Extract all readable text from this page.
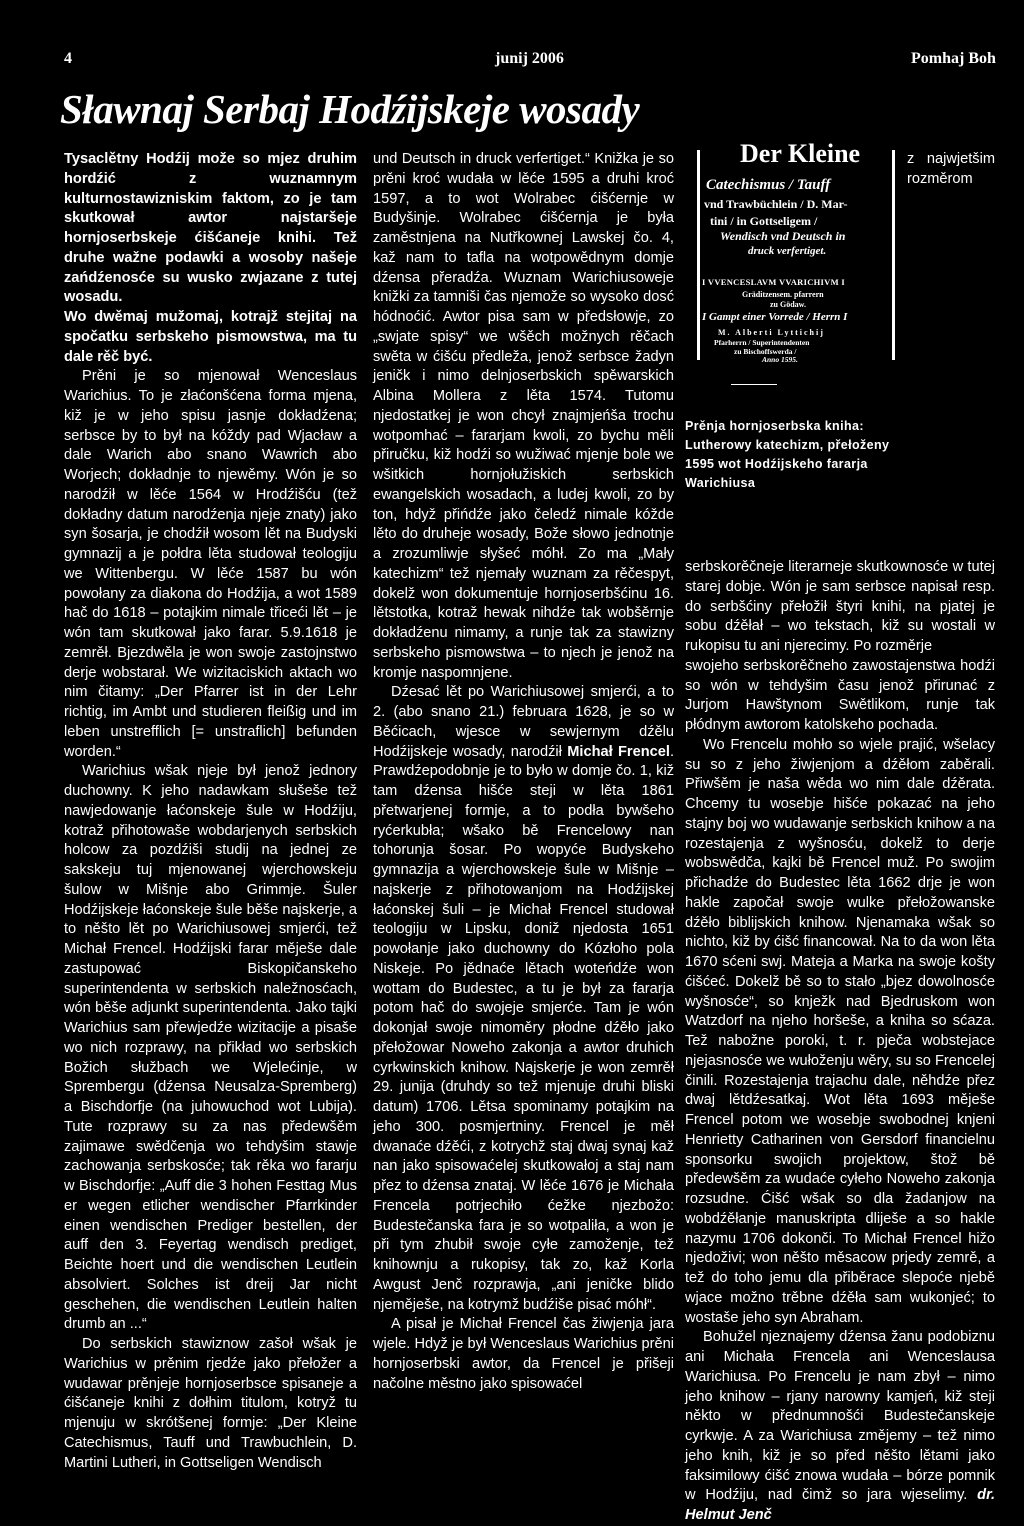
4	junij 2006	Pomhaj Boh
Sławnaj Serbaj Hodźijskeje wosady

Tysaclětny Hodźij može so mjez druhim hordźić z wuznamnym kulturnostawizniskim faktom, zo je tam skutkował awtor najstaršeje hornjoserbskeje ćišćaneje knihi. Tež druhe wažne podawki a wosoby našeje zańdźenosće su wusko zwjazane z tutej wosadu.

Wo dwěmaj mužomaj, kotrajž stejitaj na spočatku serbskeho pismowstwa, ma tu dale rěč być.

Prěni je so mjenował Wenceslaus Warichius. To je złaćonšćena forma mjena, kiž je w jeho spisu jasnje dokładźena; serbsce by to był na kóždy pad Wjacław a dale Warich abo snano Wawrich abo Worjech; dokładnje to njewěmy. Wón je so narodźił w lěće 1564 w Hrodźišću (tež dokładny datum narodźenja njeje znaty) jako syn šosarja, je chodźił wosom lět na Budyski gymnazij a je połdra lěta studował teologiju we Wittenbergu. W lěće 1587 bu wón powołany za diakona do Hodźija, a wot 1589 hač do 1618 – potajkim nimale třiceći lět – je wón tam skutkował jako farar. 5.9.1618 je zemrěł. Bjezdwěla je won swoje zastojnstwo derje wobstarał. We wizitaciskich aktach wo nim čitamy: „Der Pfarrer ist in der Lehr richtig, im Ambt und studieren fleißig und im leben unstrefflich [= unstraflich] befunden worden.“

Warichius wšak njeje był jenož jednory duchowny. K jeho nadawkam słušeše tež nawjedowanje łaćonskeje šule w Hodźiju, kotraž přihotowaše wobdarjenych serbskich holcow za pozdźiši studij na jednej ze sakskeju tuj mjenowanej wjerchowskeju šulow w Mišnje abo Grimmje. Šuler Hodźijskeje łaćonskeje šule běše najskerje, a to něšto lět po Warichiusowej smjerći, tež Michał Frencel. Hodźijski farar měješe dale zastupować Biskopičanskeho superintendenta w serbskich naležnosćach, wón běše adjunkt superintendenta. Jako tajki Warichius sam přewjedźe wizitacije a pisaše wo nich rozprawy, na přikład wo serbskich Božich słužbach we Wjelećinje, w Sprembergu (dźensa Neusalza-Spremberg) a Bischdorfje (na juhowuchod wot Lubija). Tute rozprawy su za nas předewšěm zajimawe swědčenja wo tehdyšim stawje zachowanja serbskosće; tak rěka wo fararju w Bischdorfje: „Auff die 3 hohen Festtag Mus er wegen etlicher wendischer Pfarrkinder einen wendischen Prediger bestellen, der auff den 3. Feyertag wendisch prediget, Beichte hoert und die wendischen Leutlein absolviert. Solches ist dreij Jar nicht geschehen, die wendischen Leutlein halten drumb an ...“

Do serbskich stawiznow zašoł wšak je Warichius w prěnim rjedźe jako přełožer a wudawar prěnjeje hornjoserbsce spisaneje a ćišćaneje knihi z dołhim titulom, kotryž tu mjenuju w skrótšenej formje: „Der Kleine Catechismus, Tauff und Trawbuchlein, D. Martini Lutheri, in Gottseligen Wendisch

und Deutsch in druck verfertiget.“ Knižka je so prěni kroć wudała w lěće 1595 a druhi kroć 1597, a to wot Wolrabec ćišćernje w Budyšinje. Wolrabec ćišćernja je była zaměstnjena na Nutřkownej Lawskej čo. 4, kaž nam to tafla na wotpowědnym domje dźensa přeradźa. Wuznam Warichiusoweje knižki za tamniši čas njemože so wysoko dosć hódnoćić. Awtor pisa sam w předsłowje, zo „swjate spisy“ we wšěch možnych rěčach swěta w ćišću předleža, jenož serbsce žadyn jeničk i nimo delnjoserbskich spěwarskich Albina Mollera z lěta 1574. Tutomu njedostatkej je won chcył znajmjeńša trochu wotpomhać – fararjam kwoli, zo bychu měli přiručku, kiž hodźi so wužiwać mjenje bole we wšitkich hornjołužiskich serbskich ewangelskich wosadach, a ludej kwoli, zo by ton, hdyž přińdźe jako čeledź nimale kóžde lěto do druheje wosady, Bože słowo jednotnje a zrozumliwje słyšeć móhł. Zo ma „Mały katechizm“ tež njemały wuznam za rěčespyt, dokelž won dokumentuje hornjoserbšćinu 16. lětstotka, kotraž hewak nihdźe tak wobšěrnje dokładźenu nimamy, a runje tak za stawizny serbskeho pismowstwa – to njech je jenož na kromje naspomnjene.

Dźesać lět po Warichiusowej smjerći, a to 2. (abo snano 21.) februara 1628, je so w Běćicach, wjesce w sewjernym dźělu Hodźijskeje wosady, narodźił Michał Frencel. Prawdźepodobnje je to było w domje čo. 1, kiž tam dźensa hišće steji w lěta 1861 přetwarjenej formje, a to podła bywšeho ryćerkubła; wšako bě Frencelowy nan tohorunja šosar. Po wopyće Budyskeho gymnazija a wjerchowskeje šule w Mišnje – najskerje z přihotowanjom na Hodźijskej łaćonskej šuli – je Michał Frencel studował teologiju w Lipsku, doniž njedosta 1651 powołanje jako duchowny do Kózłoho pola Niskeje. Po jědnaće lětach woteńdźe won wottam do Budestec, a tu je był za fararja potom hač do swojeje smjerće. Tam je wón dokonjał swoje nimoměry płodne dźěło jako přełožowar Noweho zakonja a awtor druhich cyrkwinskich knihow. Najskerje je won zemrěł 29. junija (druhdy so tež mjenuje druhi bliski datum) 1706. Lětsa spominamy potajkim na jeho 300. posmjertniny. Frencel je měł dwanaće dźěći, z kotrychž staj dwaj synaj kaž nan jako spisowaćelej skutkowałoj a staj nam přez to dźensa znataj. W lěće 1676 je Michała Frencela potrjechiło ćežke njezbožo: Budestečanska fara je so wotpaliła, a won je při tym zhubił swoje cyłe zamoženje, tež knihownju a rukopisy, tak zo, kaž Korla Awgust Jenč rozprawja, „ani jeničke blido njeměješe, na kotrymž budźiše pisać móhł“.

A pisał je Michał Frencel čas žiwjenja jara wjele. Hdyž je był Wenceslaus Warichius prěni hornjoserbski awtor, da Frencel je přišeji načolne městno jako spisowaćel

Der Kleine
Catechismus / Tauff
vnd Trawbüchlein / D. Mar-
tini / in Gottseligem /
Wendisch vnd Deutsch in
druck verfertiget.
I VVENCESLAVM VVARICHIVM I
Gräditzensem. pfarrern
zu Gödaw.
I Gampt einer Vorrede / Herrn I
M. Alberti Lyttichij
Pfarherrn / Superintendenten
zu Bischoffswerda /
Anno 1595.
Prěnja hornjoserbska kniha: Lutherowy katechizm, přełoženy 1595 wot Hodźijskeho fararja Warichiusa

z najwjetšim rozměrom serbskorěčneje literarneje skutkownosće w tutej starej dobje. Wón je sam serbsce napisał resp. do serbšćiny přełožił štyri knihi, na pjatej je sobu dźěłał – wo tekstach, kiž su wostali w rukopisu tu ani njerecimy. Po rozměrje

swojeho serbskorěčneho zawostajenstwa hodźi so wón w tehdyšim času jenož přirunać z Jurjom Hawštynom Swětlikom, runje tak płódnym awtorom katolskeho pochada.

Wo Frencelu mohło so wjele prajić, wšelacy su so z jeho žiwjenjom a dźěłom zaběrali. Přiwšěm je naša wěda wo nim dale dźěrata. Chcemy tu wosebje hišće pokazać na jeho stajny boj wo wudawanje serbskich knihow a na rozestajenja z wyšnosću, dokelž to derje wobswědča, kajki bě Frencel muž. Po swojim přichadźe do Budestec lěta 1662 drje je won hakle započał swoje wulke přełožowanske dźěło biblijskich knihow. Njenamaka wšak so nichto, kiž by ćišć financował. Na to da won lěta 1670 sćeni swj. Mateja a Marka na swoje košty ćišćeć. Dokelž bě so to stało „bjez dowolnosće wyšnosće“, so knježk nad Bjedruskom won Watzdorf na njeho horšeše, a kniha so sćaza. Tež nabožne poroki, t. r. pječa wobstejace njejasnosće we wułoženju wěry, su so Frencelej činili. Rozestajenja trajachu dale, něhdźe přez dwaj lětdźesatkaj. Wot lěta 1693 měješe Frencel potom we wosebje swobodnej knjeni Henrietty Catharinen von Gersdorf financielnu sponsorku swojich projektow, štož bě předewšěm za wudaće cyłeho Noweho zakonja rozsudne. Ćišć wšak so dla žadanjow na wobdźěłanje manuskripta dliješe a so hakle nazymu 1706 dokonči. To Michał Frencel hižo njedoživi; won něšto měsacow prjedy zemrě, a tež do toho jemu dla přiběrace slepoće njebě wjace možno trěbne dźěła sam wukonjeć; to wostaše jeho syn Abraham.

Bohužel njeznajemy dźensa žanu podobiznu ani Michała Frencela ani Wenceslausa Warichiusa. Po Frencelu je nam zbył – nimo jeho knihow – rjany narowny kamjeń, kiž steji někto w přednumnošći Budestečanskeje cyrkwje. A za Warichiusa změjemy – tež nimo jeho knih, kiž je so před něšto lětami jako faksimilowy ćišć znowa wudała – bórze pomnik w Hodźiju, nad čimž so jara wjeselimy. dr. Helmut Jenč
